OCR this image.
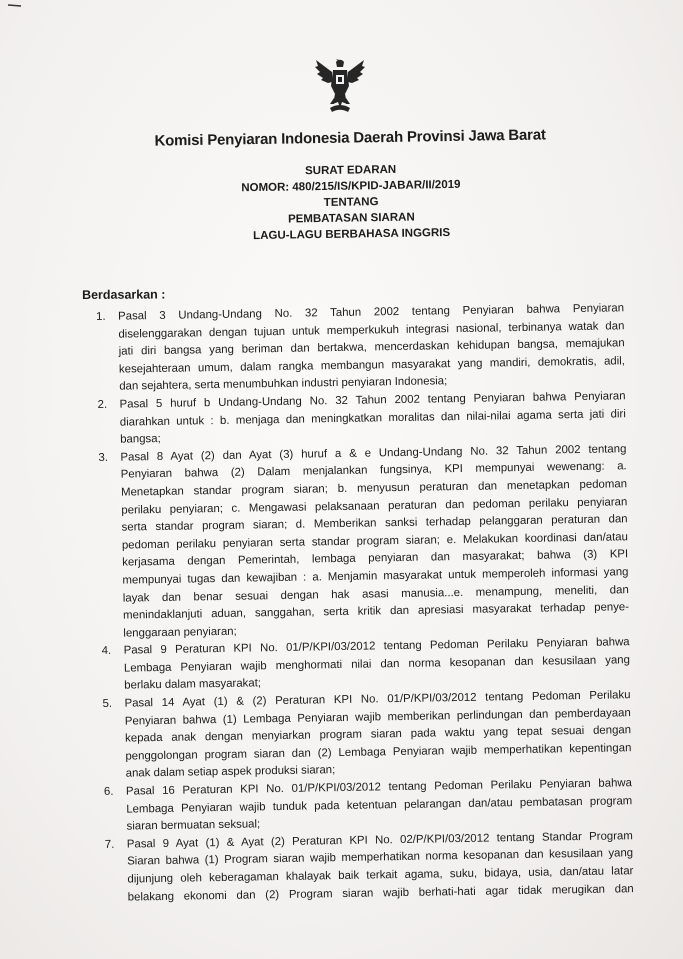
Komisi Penyiaran Indonesia Daerah Provinsi Jawa Barat
SURAT EDARAN
NOMOR: 480/215/IS/KPID-JABAR/II/2019
TENTANG
PEMBATASAN SIARAN
LAGU-LAGU BERBAHASA INGGRIS
Berdasarkan :
1.	Pasal 3 Undang-Undang No. 32 Tahun 2002 tentang Penyiaran bahwa Penyiaran
diselenggarakan dengan tujuan untuk memperkukuh integrasi nasional, terbinanya watak dan
jati diri bangsa yang beriman dan bertakwa, mencerdaskan kehidupan bangsa, memajukan
kesejahteraan umum, dalam rangka membangun masyarakat yang mandiri, demokratis, adil,
dan sejahtera, serta menumbuhkan industri penyiaran Indonesia;
2.	Pasal 5 huruf b Undang-Undang No. 32 Tahun 2002 tentang Penyiaran bahwa Penyiaran
diarahkan untuk : b. menjaga dan meningkatkan moralitas dan nilai-nilai agama serta jati diri
bangsa;
3.	Pasal 8 Ayat (2) dan Ayat (3) huruf a & e Undang-Undang No. 32 Tahun 2002 tentang
Penyiaran bahwa (2) Dalam menjalankan fungsinya, KPI mempunyai wewenang: a.
Menetapkan standar program siaran; b. menyusun peraturan dan menetapkan pedoman
perilaku penyiaran; c. Mengawasi pelaksanaan peraturan dan pedoman perilaku penyiaran
serta standar program siaran; d. Memberikan sanksi terhadap pelanggaran peraturan dan
pedoman perilaku penyiaran serta standar program siaran; e. Melakukan koordinasi dan/atau
kerjasama dengan Pemerintah, lembaga penyiaran dan masyarakat; bahwa (3) KPI
mempunyai tugas dan kewajiban : a. Menjamin masyarakat untuk memperoleh informasi yang
layak dan benar sesuai dengan hak asasi manusia...e. menampung, meneliti, dan
menindaklanjuti aduan, sanggahan, serta kritik dan apresiasi masyarakat terhadap penye-
lenggaraan penyiaran;
4.	Pasal 9 Peraturan KPI No. 01/P/KPI/03/2012 tentang Pedoman Perilaku Penyiaran bahwa
Lembaga Penyiaran wajib menghormati nilai dan norma kesopanan dan kesusilaan yang
berlaku dalam masyarakat;
5.	Pasal 14 Ayat (1) & (2) Peraturan KPI No. 01/P/KPI/03/2012 tentang Pedoman Perilaku
Penyiaran bahwa (1) Lembaga Penyiaran wajib memberikan perlindungan dan pemberdayaan
kepada anak dengan menyiarkan program siaran pada waktu yang tepat sesuai dengan
penggolongan program siaran dan (2) Lembaga Penyiaran wajib memperhatikan kepentingan
anak dalam setiap aspek produksi siaran;
6.	Pasal 16 Peraturan KPI No. 01/P/KPI/03/2012 tentang Pedoman Perilaku Penyiaran bahwa
Lembaga Penyiaran wajib tunduk pada ketentuan pelarangan dan/atau pembatasan program
siaran bermuatan seksual;
7.	Pasal 9 Ayat (1) & Ayat (2) Peraturan KPI No. 02/P/KPI/03/2012 tentang Standar Program
Siaran bahwa (1) Program siaran wajib memperhatikan norma kesopanan dan kesusilaan yang
dijunjung oleh keberagaman khalayak baik terkait agama, suku, bidaya, usia, dan/atau latar
belakang ekonomi dan (2) Program siaran wajib berhati-hati agar tidak merugikan dan
